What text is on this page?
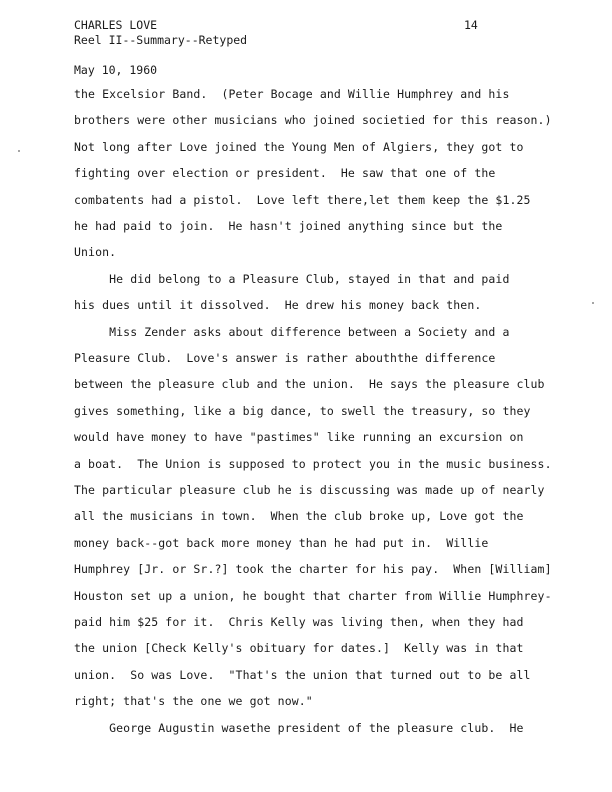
CHARLES LOVE	14
Reel II--Summary--Retyped
May 10, 1960
the Excelsior Band.  (Peter Bocage and Willie Humphrey and his
brothers were other musicians who joined societied for this reason.)
Not long after Love joined the Young Men of Algiers, they got to
fighting over election or president.  He saw that one of the
combatents had a pistol.  Love left there,let them keep the $1.25
he had paid to join.  He hasn't joined anything since but the
Union.
He did belong to a Pleasure Club, stayed in that and paid
his dues until it dissolved.  He drew his money back then.
Miss Zender asks about difference between a Society and a
Pleasure Club.  Love's answer is rather abouththe difference
between the pleasure club and the union.  He says the pleasure club
gives something, like a big dance, to swell the treasury, so they
would have money to have "pastimes" like running an excursion on
a boat.  The Union is supposed to protect you in the music business.
The particular pleasure club he is discussing was made up of nearly
all the musicians in town.  When the club broke up, Love got the
money back--got back more money than he had put in.  Willie
Humphrey [Jr. or Sr.?] took the charter for his pay.  When [William]
Houston set up a union, he bought that charter from Willie Humphrey-
paid him $25 for it.  Chris Kelly was living then, when they had
the union [Check Kelly's obituary for dates.]  Kelly was in that
union.  So was Love.  "That's the union that turned out to be all
right; that's the one we got now."
George Augustin wasethe president of the pleasure club.  He
